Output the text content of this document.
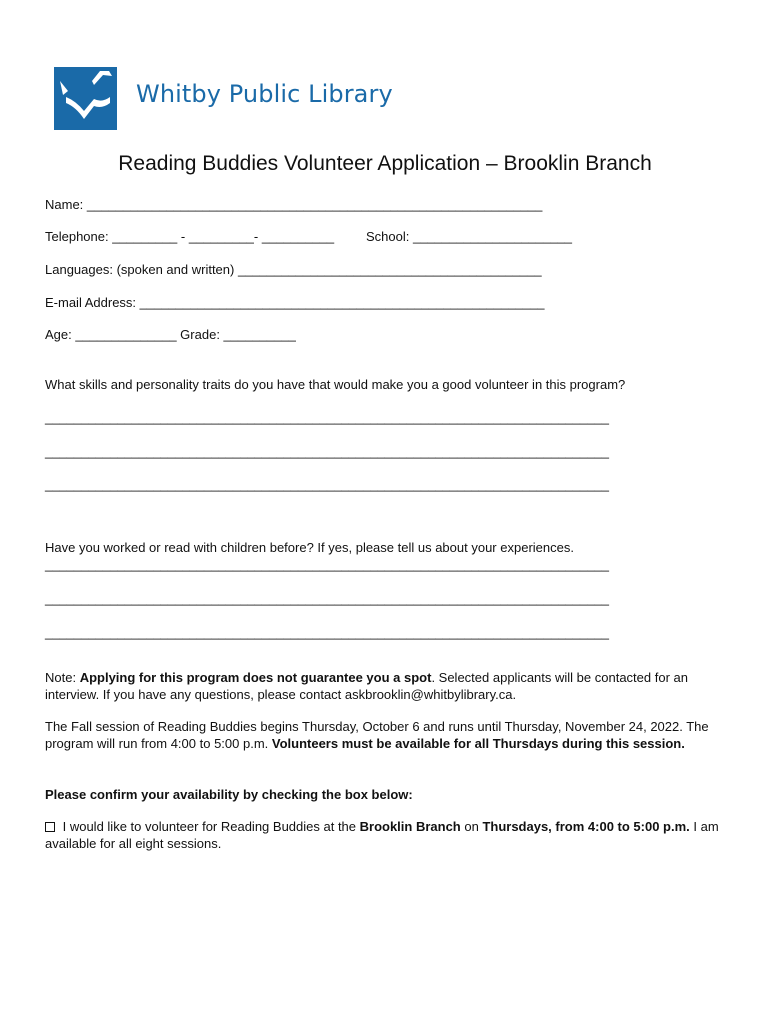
Whitby Public Library
Reading Buddies Volunteer Application – Brooklin Branch
Name: _______________________________________________________________
Telephone: _________ - _________- __________ School: ______________________
Languages: (spoken and written) __________________________________________
E-mail Address: ________________________________________________________
Age: ______________ Grade: __________
What skills and personality traits do you have that would make you a good volunteer in this program?
______________________________________________________________________________
______________________________________________________________________________
______________________________________________________________________________
Have you worked or read with children before? If yes, please tell us about your experiences.
______________________________________________________________________________
______________________________________________________________________________
______________________________________________________________________________
Note: Applying for this program does not guarantee you a spot. Selected applicants will be contacted for an interview. If you have any questions, please contact askbrooklin@whitbylibrary.ca.
The Fall session of Reading Buddies begins Thursday, October 6 and runs until Thursday, November 24, 2022. The program will run from 4:00 to 5:00 p.m. Volunteers must be available for all Thursdays during this session.
Please confirm your availability by checking the box below:
I would like to volunteer for Reading Buddies at the Brooklin Branch on Thursdays, from 4:00 to 5:00 p.m. I am available for all eight sessions.
